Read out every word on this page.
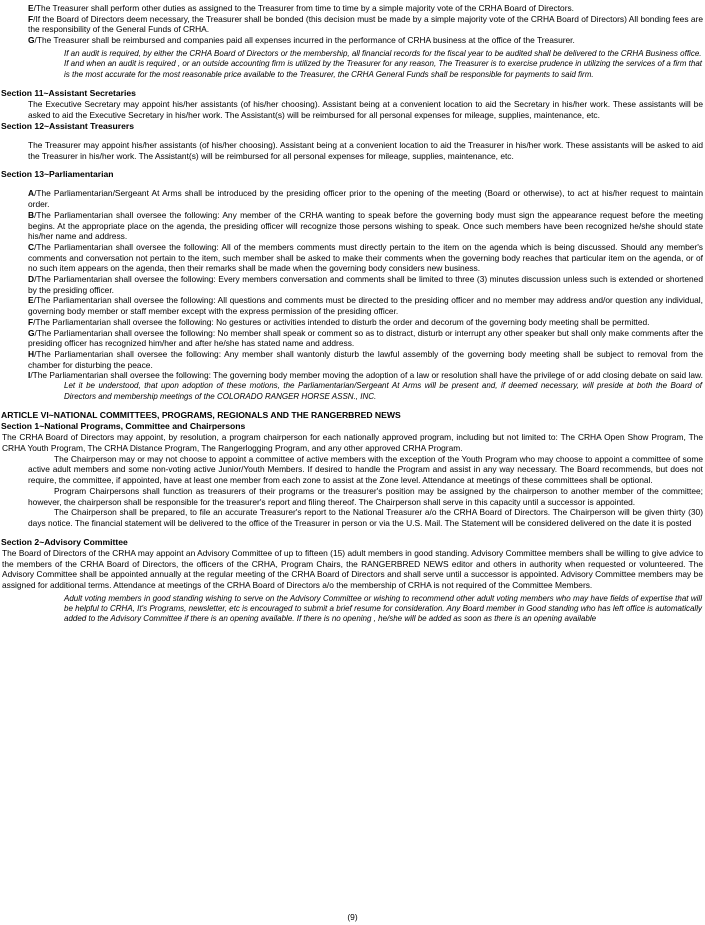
E/The Treasurer shall perform other duties as assigned to the Treasurer from time to time by a simple majority vote of the CRHA Board of Directors.

F/If the Board of Directors deem necessary, the Treasurer shall be bonded (this decision must be made by a simple majority vote of the CRHA Board of Directors) All bonding fees are the responsibility of the General Funds of CRHA.

G/The Treasurer shall be reimbursed and companies paid all expenses incurred in the performance of CRHA business at the office of the Treasurer.

If an audit is required, by either the CRHA Board of Directors or the membership, all financial records for the fiscal year to be audited shall be delivered to the CRHA Business office.

If and when an audit is required , or an outside accounting firm is utilized by the Treasurer for any reason, The Treasurer is to exercise prudence in utilizing the services of a firm that is the most accurate for the most reasonable price available to the Treasurer, the CRHA General Funds shall be responsible for payments to said firm.

Section 11~Assistant Secretaries

The Executive Secretary may appoint his/her assistants (of his/her choosing). Assistant being at a convenient location to aid the Secretary in his/her work. These assistants will be asked to aid the Executive Secretary in his/her work. The Assistant(s) will be reimbursed for all personal expenses for mileage, supplies, maintenance, etc.

Section 12~Assistant Treasurers

The Treasurer may appoint his/her assistants (of his/her choosing). Assistant being at a convenient location to aid the Treasurer in his/her work. These assistants will be asked to aid the Treasurer in his/her work. The Assistant(s) will be reimbursed for all personal expenses for mileage, supplies, maintenance, etc.

Section 13~Parliamentarian

A/The Parliamentarian/Sergeant At Arms shall be introduced by the presiding officer prior to the opening of the meeting (Board or otherwise), to act at his/her request to maintain order.

B/The Parliamentarian shall oversee the following: Any member of the CRHA wanting to speak before the governing body must sign the appearance request before the meeting begins. At the appropriate place on the agenda, the presiding officer will recognize those persons wishing to speak. Once such members have been recognized he/she should state his/her name and address.

C/The Parliamentarian shall oversee the following: All of the members comments must directly pertain to the item on the agenda which is being discussed. Should any member's comments and conversation not pertain to the item, such member shall be asked to make their comments when the governing body reaches that particular item on the agenda, or of no such item appears on the agenda, then their remarks shall be made when the governing body considers new business.

D/The Parliamentarian shall oversee the following: Every members conversation and comments shall be limited to three (3) minutes discussion unless such is extended or shortened by the presiding officer.

E/The Parliamentarian shall oversee the following: All questions and comments must be directed to the presiding officer and no member may address and/or question any individual, governing body member or staff member except with the express permission of the presiding officer.

F/The Parliamentarian shall oversee the following: No gestures or activities intended to disturb the order and decorum of the governing body meeting shall be permitted.

G/The Parliamentarian shall oversee the following: No member shall speak or comment so as to distract, disturb or interrupt any other speaker but shall only make comments after the presiding officer has recognized him/her and after he/she has stated name and address.

H/The Parliamentarian shall oversee the following: Any member shall wantonly disturb the lawful assembly of the governing body meeting shall be subject to removal from the chamber for disturbing the peace.

I/The Parliamentarian shall oversee the following: The governing body member moving the adoption of a law or resolution shall have the privilege of or add closing debate on said law.

Let it be understood, that upon adoption of these motions, the Parliamentarian/Sergeant At Arms will be present and, if deemed necessary, will preside at both the Board of Directors and membership meetings of the COLORADO RANGER HORSE ASSN., INC.

ARTICLE VI~NATIONAL COMMITTEES, PROGRAMS, REGIONALS AND THE RANGERBRED NEWS

Section 1~National Programs, Committee and Chairpersons

The CRHA Board of Directors may appoint, by resolution, a program chairperson for each nationally approved program, including but not limited to: The CRHA Open Show Program, The CRHA Youth Program, The CRHA Distance Program, The Rangerlogging Program, and any other approved CRHA Program.

The Chairperson may or may not choose to appoint a committee of active members with the exception of the Youth Program who may choose to appoint a committee of some active adult members and some non-voting active Junior/Youth Members. If desired to handle the Program and assist in any way necessary. The Board recommends, but does not require, the committee, if appointed, have at least one member from each zone to assist at the Zone level. Attendance at meetings of these committees shall be optional.

Program Chairpersons shall function as treasurers of their programs or the treasurer's position may be assigned by the chairperson to another member of the committee; however, the chairperson shall be responsible for the treasurer's report and filing thereof. The Chairperson shall serve in this capacity until a successor is appointed.

The Chairperson shall be prepared, to file an accurate Treasurer's report to the National Treasurer a/o the CRHA Board of Directors. The Chairperson will be given thirty (30) days notice. The financial statement will be delivered to the office of the Treasurer in person or via the U.S. Mail. The Statement will be considered delivered on the date it is posted

Section 2~Advisory Committee

The Board of Directors of the CRHA may appoint an Advisory Committee of up to fifteen (15) adult members in good standing. Advisory Committee members shall be willing to give advice to the members of the CRHA Board of Directors, the officers of the CRHA, Program Chairs, the RANGERBRED NEWS editor and others in authority when requested or volunteered. The Advisory Committee shall be appointed annually at the regular meeting of the CRHA Board of Directors and shall serve until a successor is appointed. Advisory Committee members may be assigned for additional terms. Attendance at meetings of the CRHA Board of Directors a/o the membership of CRHA is not required of the Committee Members.

Adult voting members in good standing wishing to serve on the Advisory Committee or wishing to recommend other adult voting members who may have fields of expertise that will be helpful to CRHA, It's Programs, newsletter, etc is encouraged to submit a brief resume for consideration. Any Board member in Good standing who has left office is automatically added to the Advisory Committee if there is an opening available. If there is no opening , he/she will be added as soon as there is an opening available

(9)
